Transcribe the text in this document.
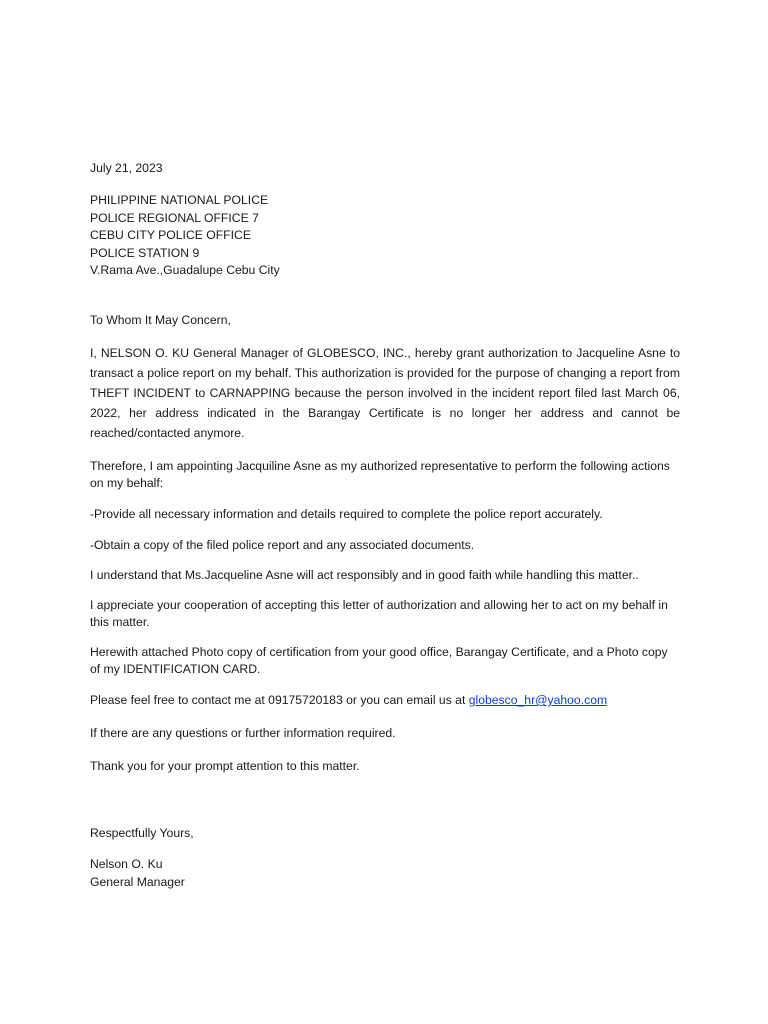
July 21, 2023
PHILIPPINE NATIONAL POLICE
POLICE REGIONAL OFFICE 7
CEBU CITY POLICE OFFICE
POLICE STATION 9
V.Rama Ave.,Guadalupe Cebu City
To Whom It May Concern,
I, NELSON O. KU General Manager of GLOBESCO, INC., hereby grant authorization to Jacqueline Asne to transact a police report on my behalf. This authorization is provided for the purpose of changing a report from THEFT INCIDENT to CARNAPPING because the person involved in the incident report filed last March 06, 2022, her address indicated in the Barangay Certificate is no longer her address and cannot be reached/contacted anymore.
Therefore, I am appointing Jacquiline Asne as my authorized representative to perform the following actions on my behalf:
-Provide all necessary information and details required to complete the police report accurately.
-Obtain a copy of the filed police report and any associated documents.
I understand that Ms.Jacqueline Asne will act responsibly and in good faith while handling this matter..
I appreciate your cooperation of accepting this letter of authorization and allowing her to act on my behalf in this matter.
Herewith attached Photo copy of certification from your good office, Barangay Certificate, and a Photo copy of my IDENTIFICATION CARD.
Please feel free to contact me at 09175720183 or you can email us at globesco_hr@yahoo.com
If there are any questions or further information required.
Thank you for your prompt attention to this matter.
Respectfully Yours,
Nelson O. Ku
General Manager
